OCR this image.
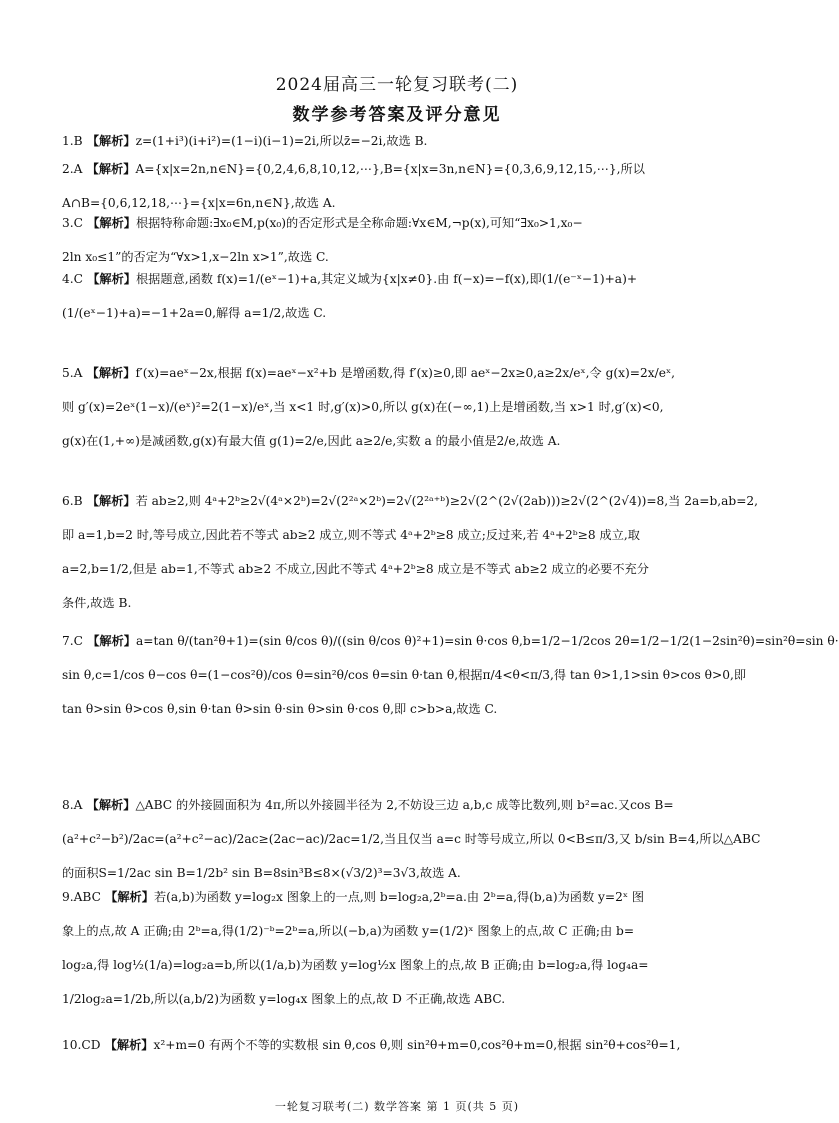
2024届高三一轮复习联考(二)
数学参考答案及评分意见
1.B 【解析】z=(1+i³)(i+i²)=(1−i)(i−1)=2i,所以z̄=−2i,故选 B.
2.A 【解析】A={x|x=2n,n∈N}={0,2,4,6,8,10,12,⋯},B={x|x=3n,n∈N}={0,3,6,9,12,15,⋯},所以
A∩B={0,6,12,18,⋯}={x|x=6n,n∈N},故选 A.
3.C 【解析】根据特称命题:∃x₀∈M,p(x₀)的否定形式是全称命题:∀x∈M,¬p(x),可知“∃x₀>1,x₀−
2ln x₀≤1”的否定为“∀x>1,x−2ln x>1”,故选 C.
4.C 【解析】根据题意,函数 f(x)=1/(eˣ−1)+a,其定义域为{x|x≠0}.由 f(−x)=−f(x),即(1/(e⁻ˣ−1)+a)+
(1/(eˣ−1)+a)=−1+2a=0,解得 a=1/2,故选 C.
5.A 【解析】f′(x)=aeˣ−2x,根据 f(x)=aeˣ−x²+b 是增函数,得 f′(x)≥0,即 aeˣ−2x≥0,a≥2x/eˣ,令 g(x)=2x/eˣ,
则 g′(x)=2eˣ(1−x)/(eˣ)²=2(1−x)/eˣ,当 x<1 时,g′(x)>0,所以 g(x)在(−∞,1)上是增函数,当 x>1 时,g′(x)<0,
g(x)在(1,+∞)是减函数,g(x)有最大值 g(1)=2/e,因此 a≥2/e,实数 a 的最小值是2/e,故选 A.
6.B 【解析】若 ab≥2,则 4ᵃ+2ᵇ≥2√(4ᵃ×2ᵇ)=2√(2²ᵃ×2ᵇ)=2√(2²ᵃ⁺ᵇ)≥2√(2^(2√(2ab)))≥2√(2^(2√4))=8,当 2a=b,ab=2,
即 a=1,b=2 时,等号成立,因此若不等式 ab≥2 成立,则不等式 4ᵃ+2ᵇ≥8 成立;反过来,若 4ᵃ+2ᵇ≥8 成立,取
a=2,b=1/2,但是 ab=1,不等式 ab≥2 不成立,因此不等式 4ᵃ+2ᵇ≥8 成立是不等式 ab≥2 成立的必要不充分
条件,故选 B.
7.C 【解析】a=tan θ/(tan²θ+1)=(sin θ/cos θ)/((sin θ/cos θ)²+1)=sin θ·cos θ,b=1/2−1/2cos 2θ=1/2−1/2(1−2sin²θ)=sin²θ=sin θ·
sin θ,c=1/cos θ−cos θ=(1−cos²θ)/cos θ=sin²θ/cos θ=sin θ·tan θ,根据π/4<θ<π/3,得 tan θ>1,1>sin θ>cos θ>0,即
tan θ>sin θ>cos θ,sin θ·tan θ>sin θ·sin θ>sin θ·cos θ,即 c>b>a,故选 C.
8.A 【解析】△ABC 的外接圆面积为 4π,所以外接圆半径为 2,不妨设三边 a,b,c 成等比数列,则 b²=ac.又cos B=
(a²+c²−b²)/2ac=(a²+c²−ac)/2ac≥(2ac−ac)/2ac=1/2,当且仅当 a=c 时等号成立,所以 0<B≤π/3,又 b/sin B=4,所以△ABC
的面积S=1/2ac sin B=1/2b² sin B=8sin³B≤8×(√3/2)³=3√3,故选 A.
9.ABC 【解析】若(a,b)为函数 y=log₂x 图象上的一点,则 b=log₂a,2ᵇ=a.由 2ᵇ=a,得(b,a)为函数 y=2ˣ 图
象上的点,故 A 正确;由 2ᵇ=a,得(1/2)⁻ᵇ=2ᵇ=a,所以(−b,a)为函数 y=(1/2)ˣ 图象上的点,故 C 正确;由 b=
log₂a,得 log½(1/a)=log₂a=b,所以(1/a,b)为函数 y=log½x 图象上的点,故 B 正确;由 b=log₂a,得 log₄a=
1/2log₂a=1/2b,所以(a,b/2)为函数 y=log₄x 图象上的点,故 D 不正确,故选 ABC.
10.CD 【解析】x²+m=0 有两个不等的实数根 sin θ,cos θ,则 sin²θ+m=0,cos²θ+m=0,根据 sin²θ+cos²θ=1,
一轮复习联考(二) 数学答案 第 1 页(共 5 页)
